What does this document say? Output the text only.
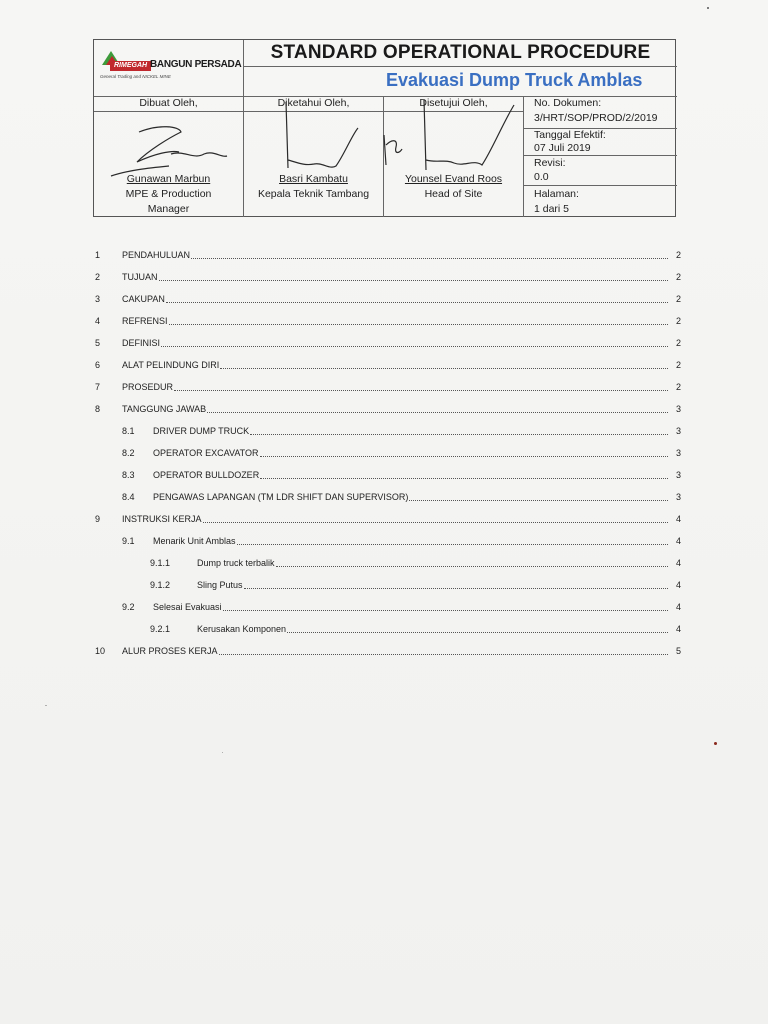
RIMEGAH BANGUN PERSADA
General Trading and NICKEL MINE
STANDARD OPERATIONAL PROCEDURE
Evakuasi Dump Truck Amblas
Dibuat Oleh,	Diketahui Oleh,	Disetujui Oleh,
Gunawan Marbun
MPE & Production
Manager
Basri Kambatu
Kepala Teknik Tambang
Younsel Evand Roos
Head of Site
No. Dokumen:
3/HRT/SOP/PROD/2/2019
Tanggal Efektif:
07 Juli 2019
Revisi:
0.0
Halaman:
1 dari 5
1 PENDAHULUAN	2
2 TUJUAN	2
3 CAKUPAN	2
4 REFRENSI	2
5 DEFINISI	2
6 ALAT PELINDUNG DIRI	2
7 PROSEDUR	2
8 TANGGUNG JAWAB	3
8.1 DRIVER DUMP TRUCK	3
8.2 OPERATOR EXCAVATOR	3
8.3 OPERATOR BULLDOZER	3
8.4 PENGAWAS LAPANGAN (TM LDR SHIFT DAN SUPERVISOR)	3
9 INSTRUKSI KERJA	4
9.1 Menarik Unit Amblas	4
9.1.1	Dump truck terbalik	4
9.1.2	Sling Putus	4
9.2 Selesai Evakuasi	4
9.2.1	Kerusakan Komponen	4
10 ALUR PROSES KERJA	5
